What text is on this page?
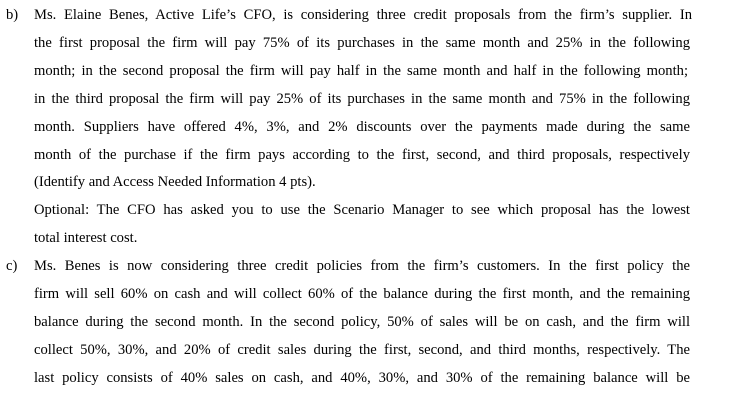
b) Ms. Elaine Benes, Active Life’s CFO, is considering three credit proposals from the firm’s supplier. In
the first proposal the firm will pay 75% of its purchases in the same month and 25% in the following
month; in the second proposal the firm will pay half in the same month and half in the following month;
in the third proposal the firm will pay 25% of its purchases in the same month and 75% in the following
month. Suppliers have offered 4%, 3%, and 2% discounts over the payments made during the same
month of the purchase if the firm pays according to the first, second, and third proposals, respectively
(Identify and Access Needed Information 4 pts).
Optional: The CFO has asked you to use the Scenario Manager to see which proposal has the lowest
total interest cost.
c) Ms. Benes is now considering three credit policies from the firm’s customers. In the first policy the
firm will sell 60% on cash and will collect 60% of the balance during the first month, and the remaining
balance during the second month. In the second policy, 50% of sales will be on cash, and the firm will
collect 50%, 30%, and 20% of credit sales during the first, second, and third months, respectively. The
last policy consists of 40% sales on cash, and 40%, 30%, and 30% of the remaining balance will be
